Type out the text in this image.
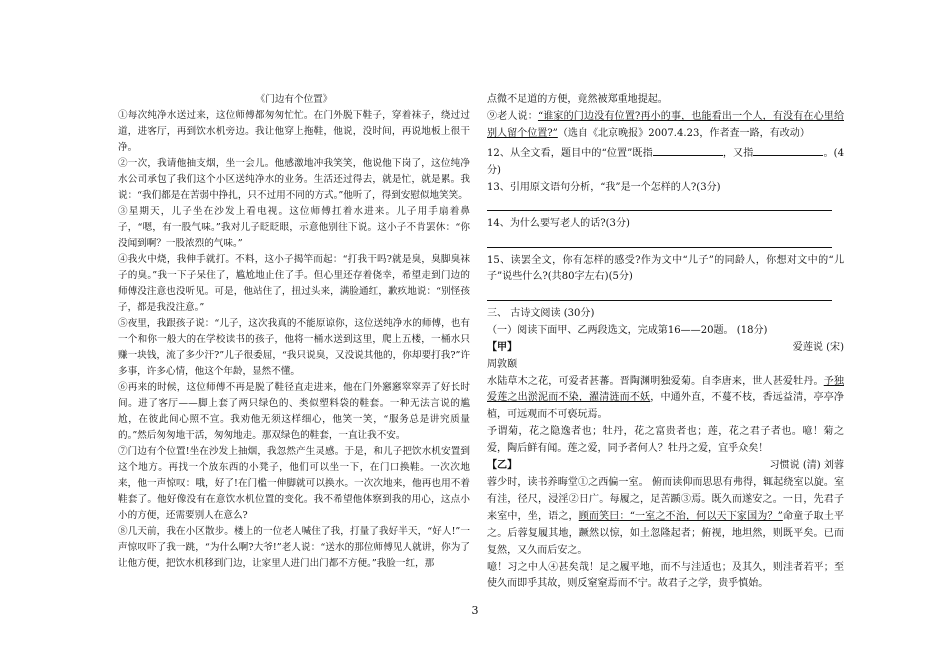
《门边有个位置》

①每次纯净水送过来，这位师傅都匆匆忙忙。在门外脱下鞋子，穿着袜子，绕过过道，进客厅，再到饮水机旁边。我让他穿上拖鞋，他说，没时间，再说地板上很干净。

②一次，我请他抽支烟，坐一会儿。他感激地冲我笑笑，他说他下岗了，这位纯净水公司承包了我们这个小区送纯净水的业务。生活还过得去，就是忙，就是累。我说：“我们都是在苦弱中挣扎，只不过用不同的方式。”他听了，得到安慰似地笑笑。

③星期天，儿子坐在沙发上看电视。这位师傅扛着水进来。儿子用手扇着鼻子，“嗯，有一股气味。”我对儿子眨眨眼，示意他别往下说。这小子不肯罢休：“你没闻到啊？一股浓烈的气味。”

④我火中烧，我伸手就打。不料，这小子揭竿而起：“打我干吗?就是臭，臭脚臭袜子的臭。”我一下子呆住了，尴尬地止住了手。但心里还存着侥幸，希望走到门边的师傅没注意也没听见。可是，他站住了，扭过头来，满脸通红，歉疚地说：“别怪孩子，都是我没注意。”

⑤夜里，我跟孩子说：“儿子，这次我真的不能原谅你，这位送纯净水的师傅，也有一个和你一般大的在学校读书的孩子，他将一桶水送到这里，爬上五楼，一桶水只赚一块钱，流了多少汗?”儿子很委屈，“我只说臭，又没说其他的，你却要打我?”许多事，许多心情，他这个年龄，显然不懂。

⑥再来的时候，这位师傅不再是脱了鞋径直走进来，他在门外窸窸窣窣弄了好长时间。进了客厅——脚上套了两只绿色的、类似塑料袋的鞋套。一种无法言说的尴尬，在彼此间心照不宣。我劝他无须这样细心，他笑一笑，“服务总是讲究质量的。”然后匆匆地干活，匆匆地走。那双绿色的鞋套，一直让我不安。

⑦门边有个位置!坐在沙发上抽烟，我忽然产生灵感。于是，和儿子把饮水机安置到这个地方。再找一个放东西的小凳子，他们可以坐一下，在门口换鞋。一次次地来，他一声惊叹：哦，好了!在门槛一伸脚就可以换水。一次次地来，他再也用不着鞋套了。他好像没有在意饮水机位置的变化。我不希望他体察到我的用心，这点小小的方便，还需要别人在意么?

⑧几天前，我在小区散步。楼上的一位老人喊住了我，打量了我好半天，“好人!”一声惊叹吓了我一跳，“为什么啊?大爷!”老人说：“送水的那位师傅见人就讲，你为了让他方便，把饮水机移到门边，让家里人进门出门都不方便。”我脸一红，那

点微不足道的方便，竟然被郑重地提起。

⑨老人说：“谁家的门边没有位置?再小的事，也能看出一个人，有没有在心里给别人留个位置?”（选自《北京晚报》2007.4.23，作者査一路，有改动）

12、从全文看，题目中的“位置”既指	，又指	。(4分)

13、引用原文语句分析，“我”是一个怎样的人?(3分)

14、为什么要写老人的话?(3分)

15、读罢全文，你有怎样的感受?作为文中“儿子”的同龄人，你想对文中的“儿子”说些什么?(共80字左右)(5分)

三、 古诗文阅读 (30分)

（一）阅读下面甲、乙两段选文，完成第16——20题。 (18分)

【甲】	爱莲说 (宋)

周敦颐

水陆草木之花，可爱者甚蕃。晋陶渊明独爱菊。自李唐来，世人甚爱牡丹。予独爱莲之出淤泥而不染，濯清涟而不妖，中通外直，不蔓不枝，香远益清，亭亭净植，可远观而不可亵玩焉。

予谓菊，花之隐逸者也；牡丹，花之富贵者也；莲，花之君子者也。噫！菊之爱，陶后鲜有闻。莲之爱，同予者何人？牡丹之爱，宜乎众矣！

【乙】	习惯说 (清) 刘蓉

蓉少时，读书养晦堂①之西偏一室。 俯而读仰而思思有弗得，辄起绕室以旋。室有洼，径尺，浸淫②日广。每履之，足苦踬③焉。既久而遂安之。一日，先君子来室中，坐，语之，顾而笑曰：“一室之不治，何以天下家国为？”命童子取土平之。后蓉复履其地，蹶然以惊，如土忽隆起者；俯视，地坦然，则既平矣。已而复然，又久而后安之。

噫！习之中人④甚矣哉！足之履平地，而不与洼适也；及其久，则洼者若平；至使久而即乎其故，则反窒窒焉而不宁。故君子之学，贵乎慎始。

3
